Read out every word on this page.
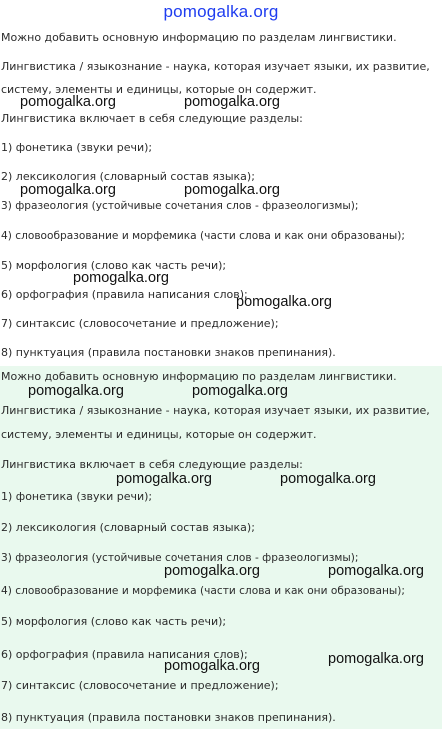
pomogalka.org
Можно добавить основную информацию по разделам лингвистики.
Лингвистика / языкознание - наука, которая изучает языки, их развитие,
систему, элементы и единицы, которые он содержит.
Лингвистика включает в себя следующие разделы:
1) фонетика (звуки речи);
2) лексикология (словарный состав языка);
3) фразеология (устойчивые сочетания слов - фразеологизмы);
4) словообразование и морфемика (части слова и как они образованы);
5) морфология (слово как часть речи);
6) орфография (правила написания слов);
7) синтаксис (словосочетание и предложение);
8) пунктуация (правила постановки знаков препинания).
Можно добавить основную информацию по разделам лингвистики.
Лингвистика / языкознание - наука, которая изучает языки, их развитие,
систему, элементы и единицы, которые он содержит.
Лингвистика включает в себя следующие разделы:
1) фонетика (звуки речи);
2) лексикология (словарный состав языка);
3) фразеология (устойчивые сочетания слов - фразеологизмы);
4) словообразование и морфемика (части слова и как они образованы);
5) морфология (слово как часть речи);
6) орфография (правила написания слов);
7) синтаксис (словосочетание и предложение);
8) пунктуация (правила постановки знаков препинания).
pomogalka.org	pomogalka.org
pomogalka.org	pomogalka.org
pomogalka.org
pomogalka.org
pomogalka.org	pomogalka.org
pomogalka.org	pomogalka.org
pomogalka.org	pomogalka.org
pomogalka.org	pomogalka.org
